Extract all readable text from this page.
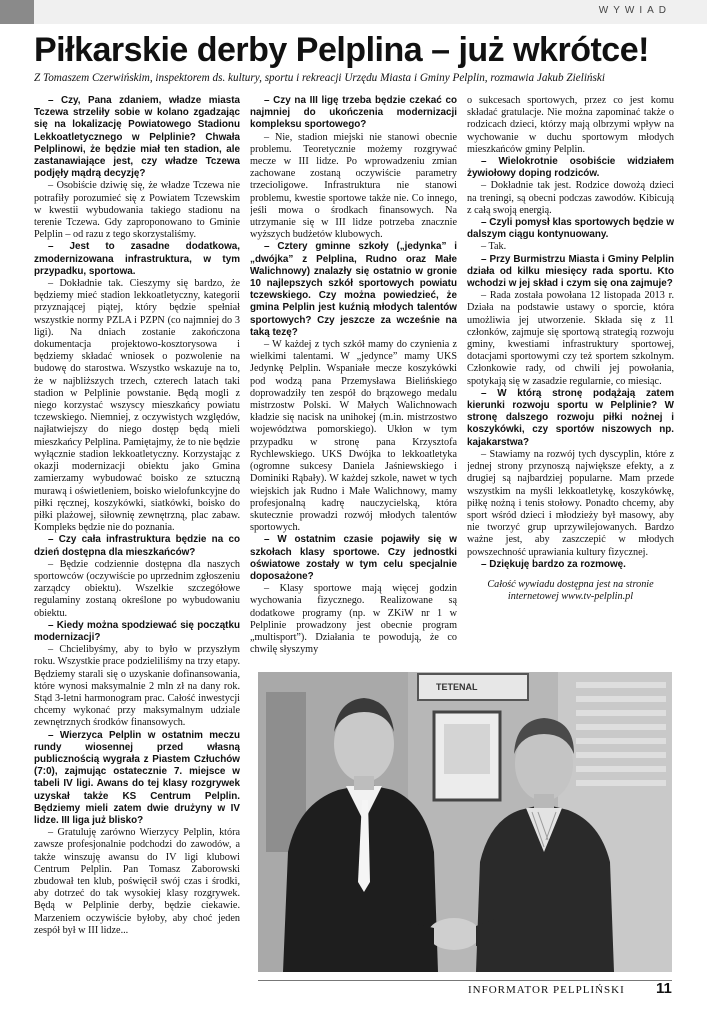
WYWIAD
Piłkarskie derby Pelplina – już wkrótce!
Z Tomaszem Czerwińskim, inspektorem ds. kultury, sportu i rekreacji Urzędu Miasta i Gminy Pelplin, rozmawia Jakub Zieliński

– Czy, Pana zdaniem, władze miasta Tczewa strzeliły sobie w kolano zgadzając się na lokalizację Powiatowego Stadionu Lekkoatletycznego w Pelplinie? Chwała Pelplinowi, że będzie miał ten stadion, ale zastanawiające jest, czy władze Tczewa podjęły mądrą decyzję?

– Osobiście dziwię się, że władze Tczewa nie potrafiły porozumieć się z Powiatem Tczewskim w kwestii wybudowania takiego stadionu na terenie Tczewa. Gdy zaproponowano to Gminie Pelplin – od razu z tego skorzystaliśmy.

– Jest to zasadne dodatkowa, zmodernizowana infrastruktura, w tym przypadku, sportowa.

– Dokładnie tak. Cieszymy się bardzo, że będziemy mieć stadion lekkoatletyczny, kategorii przyznającej piątej, który będzie spełniał wszystkie normy PZLA i PZPN (co najmniej do 3 ligi). Na dniach zostanie zakończona dokumentacja projektowo-kosztorysowa i będziemy składać wniosek o pozwolenie na budowę do starostwa. Wszystko wskazuje na to, że w najbliższych trzech, czterech latach taki stadion w Pelplinie powstanie. Będą mogli z niego korzystać wszyscy mieszkańcy powiatu tczewskiego. Niemniej, z oczywistych względów, najłatwiejszy do niego dostęp będą mieli mieszkańcy Pelplina. Pamiętajmy, że to nie będzie wyłącznie stadion lekkoatletyczny. Korzystając z okazji modernizacji obiektu jako Gmina zamierzamy wybudować boisko ze sztuczną murawą i oświetleniem, boisko wielofunkcyjne do piłki ręcznej, koszykówki, siatkówki, boisko do piłki plażowej, siłownię zewnętrzną, plac zabaw. Kompleks będzie nie do poznania.

– Czy cała infrastruktura będzie na co dzień dostępna dla mieszkańców?

– Będzie codziennie dostępna dla naszych sportowców (oczywiście po uprzednim zgłoszeniu zarządcy obiektu). Wszelkie szczegółowe regulaminy zostaną określone po wybudowaniu obiektu.

– Kiedy można spodziewać się początku modernizacji?

– Chcielibyśmy, aby to było w przyszłym roku. Wszystkie prace podzieliliśmy na trzy etapy. Będziemy starali się o uzyskanie dofinansowania, które wynosi maksymalnie 2 mln zł na dany rok. Stąd 3-letni harmonogram prac. Całość inwestycji chcemy wykonać przy maksymalnym udziale zewnętrznych środków finansowych.

– Wierzyca Pelplin w ostatnim meczu rundy wiosennej przed własną publicznością wygrała z Piastem Człuchów (7:0), zajmując ostatecznie 7. miejsce w tabeli IV ligi. Awans do tej klasy rozgrywek uzyskał także KS Centrum Pelplin. Będziemy mieli zatem dwie drużyny w IV lidze. III liga już blisko?

– Gratuluję zarówno Wierzycy Pelplin, która zawsze profesjonalnie podchodzi do zawodów, a także winszuję awansu do IV ligi klubowi Centrum Pelplin. Pan Tomasz Zaborowski zbudował ten klub, poświęcił swój czas i środki, aby dotrzeć do tak wysokiej klasy rozgrywek. Będą w Pelplinie derby, będzie ciekawie. Marzeniem oczywiście byłoby, aby choć jeden zespół był w III lidze...

– Czy na III ligę trzeba będzie czekać co najmniej do ukończenia modernizacji kompleksu sportowego?

– Nie, stadion miejski nie stanowi obecnie problemu. Teoretycznie możemy rozgrywać mecze w III lidze. Po wprowadzeniu zmian zachowane zostaną oczywiście parametry trzecioligowe. Infrastruktura nie stanowi problemu, kwestie sportowe także nie. Co innego, jeśli mowa o środkach finansowych. Na utrzymanie się w III lidze potrzeba znacznie wyższych budżetów klubowych.

– Cztery gminne szkoły („jedynka” i „dwójka” z Pelplina, Rudno oraz Małe Walichnowy) znalazły się ostatnio w gronie 10 najlepszych szkół sportowych powiatu tczewskiego. Czy można powiedzieć, że gmina Pelplin jest kuźnią młodych talentów sportowych? Czy jeszcze za wcześnie na taką tezę?

– W każdej z tych szkół mamy do czynienia z wielkimi talentami. W „jedynce” mamy UKS Jedynkę Pelplin. Wspaniałe mecze koszykówki pod wodzą pana Przemysława Bielińskiego doprowadziły ten zespół do brązowego medalu mistrzostw Polski. W Małych Walichnowach kładzie się nacisk na unihokej (m.in. mistrzostwo województwa pomorskiego). Ukłon w tym przypadku w stronę pana Krzysztofa Rychlewskiego. UKS Dwójka to lekkoatletyka (ogromne sukcesy Daniela Jaśniewskiego i Dominiki Rąbały). W każdej szkole, nawet w tych wiejskich jak Rudno i Małe Walichnowy, mamy profesjonalną kadrę nauczycielską, która skutecznie prowadzi rozwój młodych talentów sportowych.

– W ostatnim czasie pojawiły się w szkołach klasy sportowe. Czy jednostki oświatowe zostały w tym celu specjalnie doposażone?

– Klasy sportowe mają więcej godzin wychowania fizycznego. Realizowane są dodatkowe programy (np. w ZKiW nr 1 w Pelplinie prowadzony jest obecnie program „multisport”). Działania te powodują, że co chwilę słyszymy

o sukcesach sportowych, przez co jest komu składać gratulacje. Nie można zapominać także o rodzicach dzieci, którzy mają olbrzymi wpływ na wychowanie w duchu sportowym młodych mieszkańców gminy Pelplin.

– Wielokrotnie osobiście widziałem żywiołowy doping rodziców.

– Dokładnie tak jest. Rodzice dowożą dzieci na treningi, są obecni podczas zawodów. Kibicują z całą swoją energią.

– Czyli pomysł klas sportowych będzie w dalszym ciągu kontynuowany.

– Tak.

– Przy Burmistrzu Miasta i Gminy Pelplin działa od kilku miesięcy rada sportu. Kto wchodzi w jej skład i czym się ona zajmuje?

– Rada została powołana 12 listopada 2013 r. Działa na podstawie ustawy o sporcie, która umożliwia jej utworzenie. Składa się z 11 członków, zajmuje się sportową strategią rozwoju gminy, kwestiami infrastruktury sportowej, dotacjami sportowymi czy też sportem szkolnym. Członkowie rady, od chwili jej powołania, spotykają się w zasadzie regularnie, co miesiąc.

– W którą stronę podążają zatem kierunki rozwoju sportu w Pelplinie? W stronę dalszego rozwoju piłki nożnej i koszykówki, czy sportów niszowych np. kajakarstwa?

– Stawiamy na rozwój tych dyscyplin, które z jednej strony przynoszą największe efekty, a z drugiej są najbardziej popularne. Mam przede wszystkim na myśli lekkoatletykę, koszykówkę, piłkę nożną i tenis stołowy. Ponadto chcemy, aby sport wśród dzieci i młodzieży był masowy, aby nie tworzyć grup uprzywilejowanych. Bardzo ważne jest, aby zaszczepić w młodych powszechność uprawiania kultury fizycznej.

– Dziękuję bardzo za rozmowę.

Całość wywiadu dostępna jest na stronie internetowej www.tv-pelplin.pl

TETENAL
INFORMATOR PELPLIŃSKI 11
